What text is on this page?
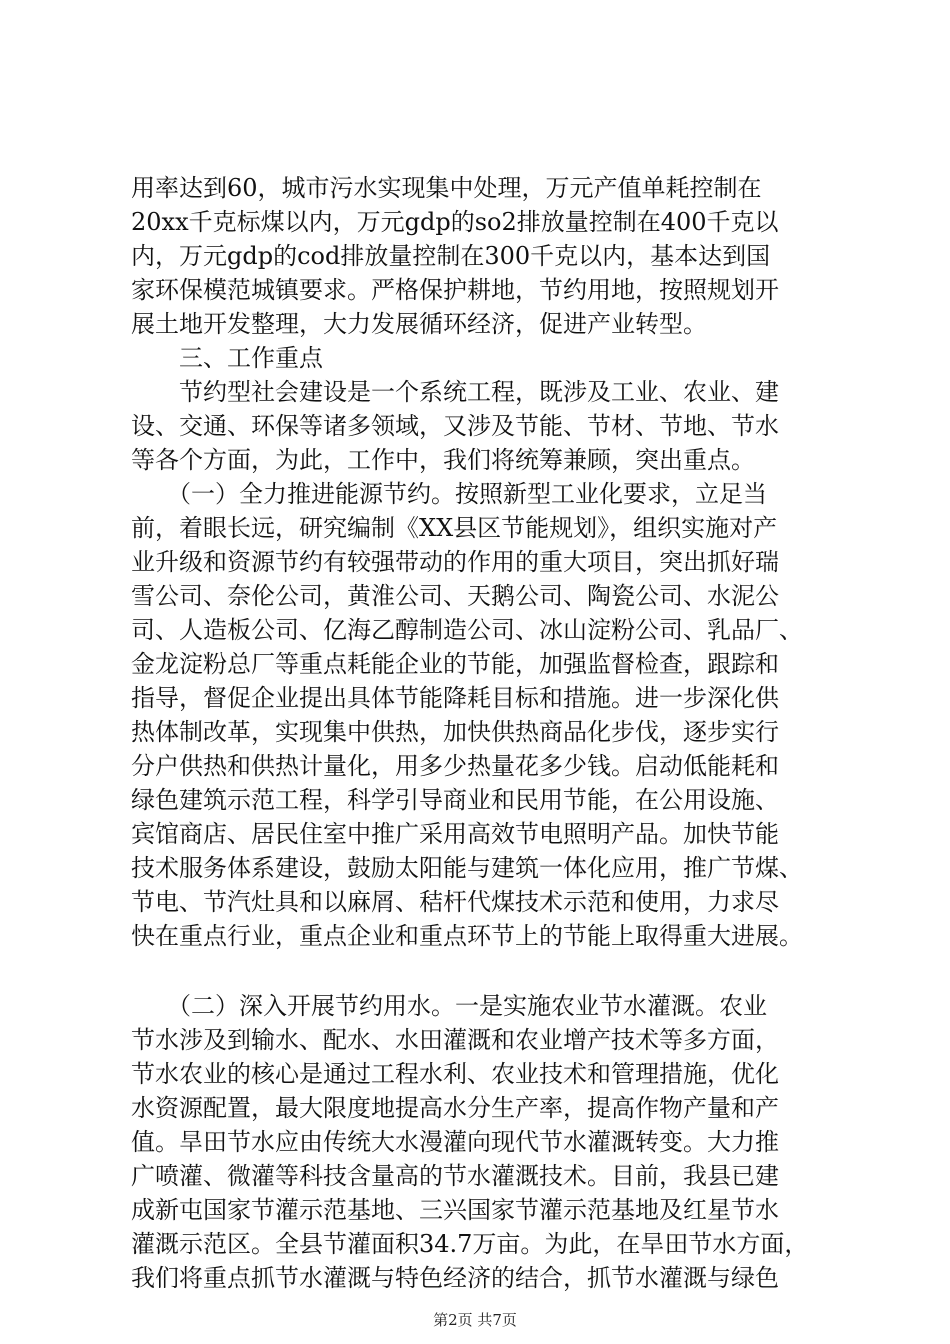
用率达到60，城市污水实现集中处理，万元产值单耗控制在
20xx千克标煤以内，万元gdp的so2排放量控制在400千克以
内，万元gdp的cod排放量控制在300千克以内，基本达到国
家环保模范城镇要求。严格保护耕地，节约用地，按照规划开
展土地开发整理，大力发展循环经济，促进产业转型。
　　三、工作重点
　　节约型社会建设是一个系统工程，既涉及工业、农业、建
设、交通、环保等诸多领域，又涉及节能、节材、节地、节水
等各个方面，为此，工作中，我们将统筹兼顾，突出重点。
　　（一）全力推进能源节约。按照新型工业化要求，立足当
前，着眼长远，研究编制《XX县区节能规划》，组织实施对产
业升级和资源节约有较强带动的作用的重大项目，突出抓好瑞
雪公司、奈伦公司，黄淮公司、天鹅公司、陶瓷公司、水泥公
司、人造板公司、亿海乙醇制造公司、冰山淀粉公司、乳品厂、
金龙淀粉总厂等重点耗能企业的节能，加强监督检查，跟踪和
指导，督促企业提出具体节能降耗目标和措施。进一步深化供
热体制改革，实现集中供热，加快供热商品化步伐，逐步实行
分户供热和供热计量化，用多少热量花多少钱。启动低能耗和
绿色建筑示范工程，科学引导商业和民用节能，在公用设施、
宾馆商店、居民住室中推广采用高效节电照明产品。加快节能
技术服务体系建设，鼓励太阳能与建筑一体化应用，推广节煤、
节电、节汽灶具和以麻屑、秸杆代煤技术示范和使用，力求尽
快在重点行业，重点企业和重点环节上的节能上取得重大进展。
　　（二）深入开展节约用水。一是实施农业节水灌溉。农业
节水涉及到输水、配水、水田灌溉和农业增产技术等多方面，
节水农业的核心是通过工程水利、农业技术和管理措施，优化
水资源配置，最大限度地提高水分生产率，提高作物产量和产
值。旱田节水应由传统大水漫灌向现代节水灌溉转变。大力推
广喷灌、微灌等科技含量高的节水灌溉技术。目前，我县已建
成新屯国家节灌示范基地、三兴国家节灌示范基地及红星节水
灌溉示范区。全县节灌面积34.7万亩。为此，在旱田节水方面，
我们将重点抓节水灌溉与特色经济的结合，抓节水灌溉与绿色
第2页 共7页
